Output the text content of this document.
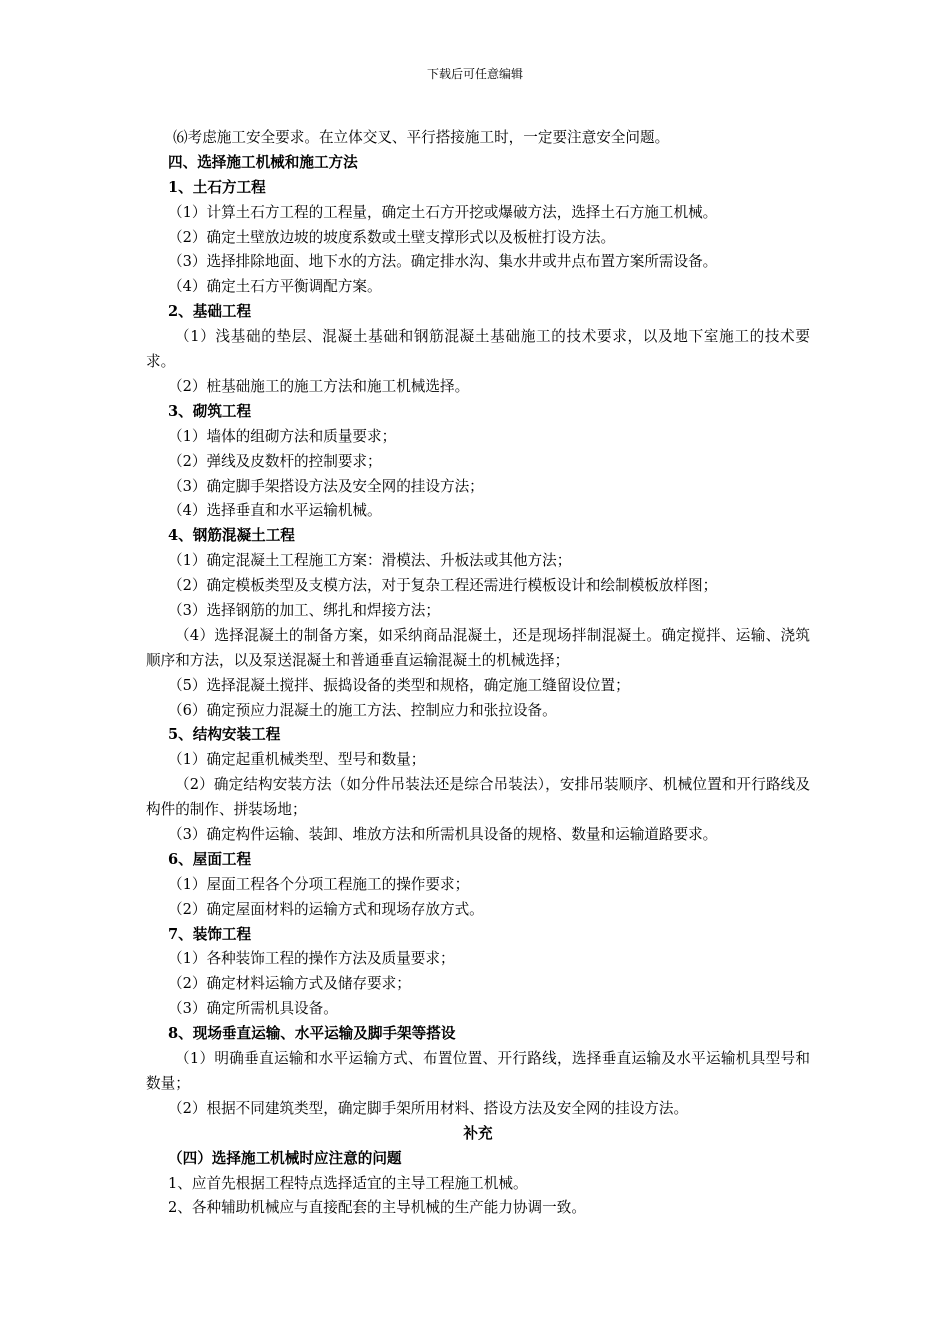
下载后可任意编辑
⑹考虑施工安全要求。在立体交叉、平行搭接施工时，一定要注意安全问题。
四、选择施工机械和施工方法
1、土石方工程
（1）计算土石方工程的工程量，确定土石方开挖或爆破方法，选择土石方施工机械。
（2）确定土壁放边坡的坡度系数或土壁支撑形式以及板桩打设方法。
（3）选择排除地面、地下水的方法。确定排水沟、集水井或井点布置方案所需设备。
（4）确定土石方平衡调配方案。
2、基础工程
（1）浅基础的垫层、混凝土基础和钢筋混凝土基础施工的技术要求，以及地下室施工的技术要求。
（2）桩基础施工的施工方法和施工机械选择。
3、砌筑工程
（1）墙体的组砌方法和质量要求；
（2）弹线及皮数杆的控制要求；
（3）确定脚手架搭设方法及安全网的挂设方法；
（4）选择垂直和水平运输机械。
4、钢筋混凝土工程
（1）确定混凝土工程施工方案：滑模法、升板法或其他方法；
（2）确定模板类型及支模方法，对于复杂工程还需进行模板设计和绘制模板放样图；
（3）选择钢筋的加工、绑扎和焊接方法；
（4）选择混凝土的制备方案，如采纳商品混凝土，还是现场拌制混凝土。确定搅拌、运输、浇筑顺序和方法，以及泵送混凝土和普通垂直运输混凝土的机械选择；
（5）选择混凝土搅拌、振捣设备的类型和规格，确定施工缝留设位置；
（6）确定预应力混凝土的施工方法、控制应力和张拉设备。
5、结构安装工程
（1）确定起重机械类型、型号和数量；
（2）确定结构安装方法（如分件吊装法还是综合吊装法），安排吊装顺序、机械位置和开行路线及构件的制作、拼装场地；
（3）确定构件运输、装卸、堆放方法和所需机具设备的规格、数量和运输道路要求。
6、屋面工程
（1）屋面工程各个分项工程施工的操作要求；
（2）确定屋面材料的运输方式和现场存放方式。
7、装饰工程
（1）各种装饰工程的操作方法及质量要求；
（2）确定材料运输方式及储存要求；
（3）确定所需机具设备。
8、现场垂直运输、水平运输及脚手架等搭设
（1）明确垂直运输和水平运输方式、布置位置、开行路线，选择垂直运输及水平运输机具型号和数量；
（2）根据不同建筑类型，确定脚手架所用材料、搭设方法及安全网的挂设方法。
补充
（四）选择施工机械时应注意的问题
1、应首先根据工程特点选择适宜的主导工程施工机械。
2、各种辅助机械应与直接配套的主导机械的生产能力协调一致。
